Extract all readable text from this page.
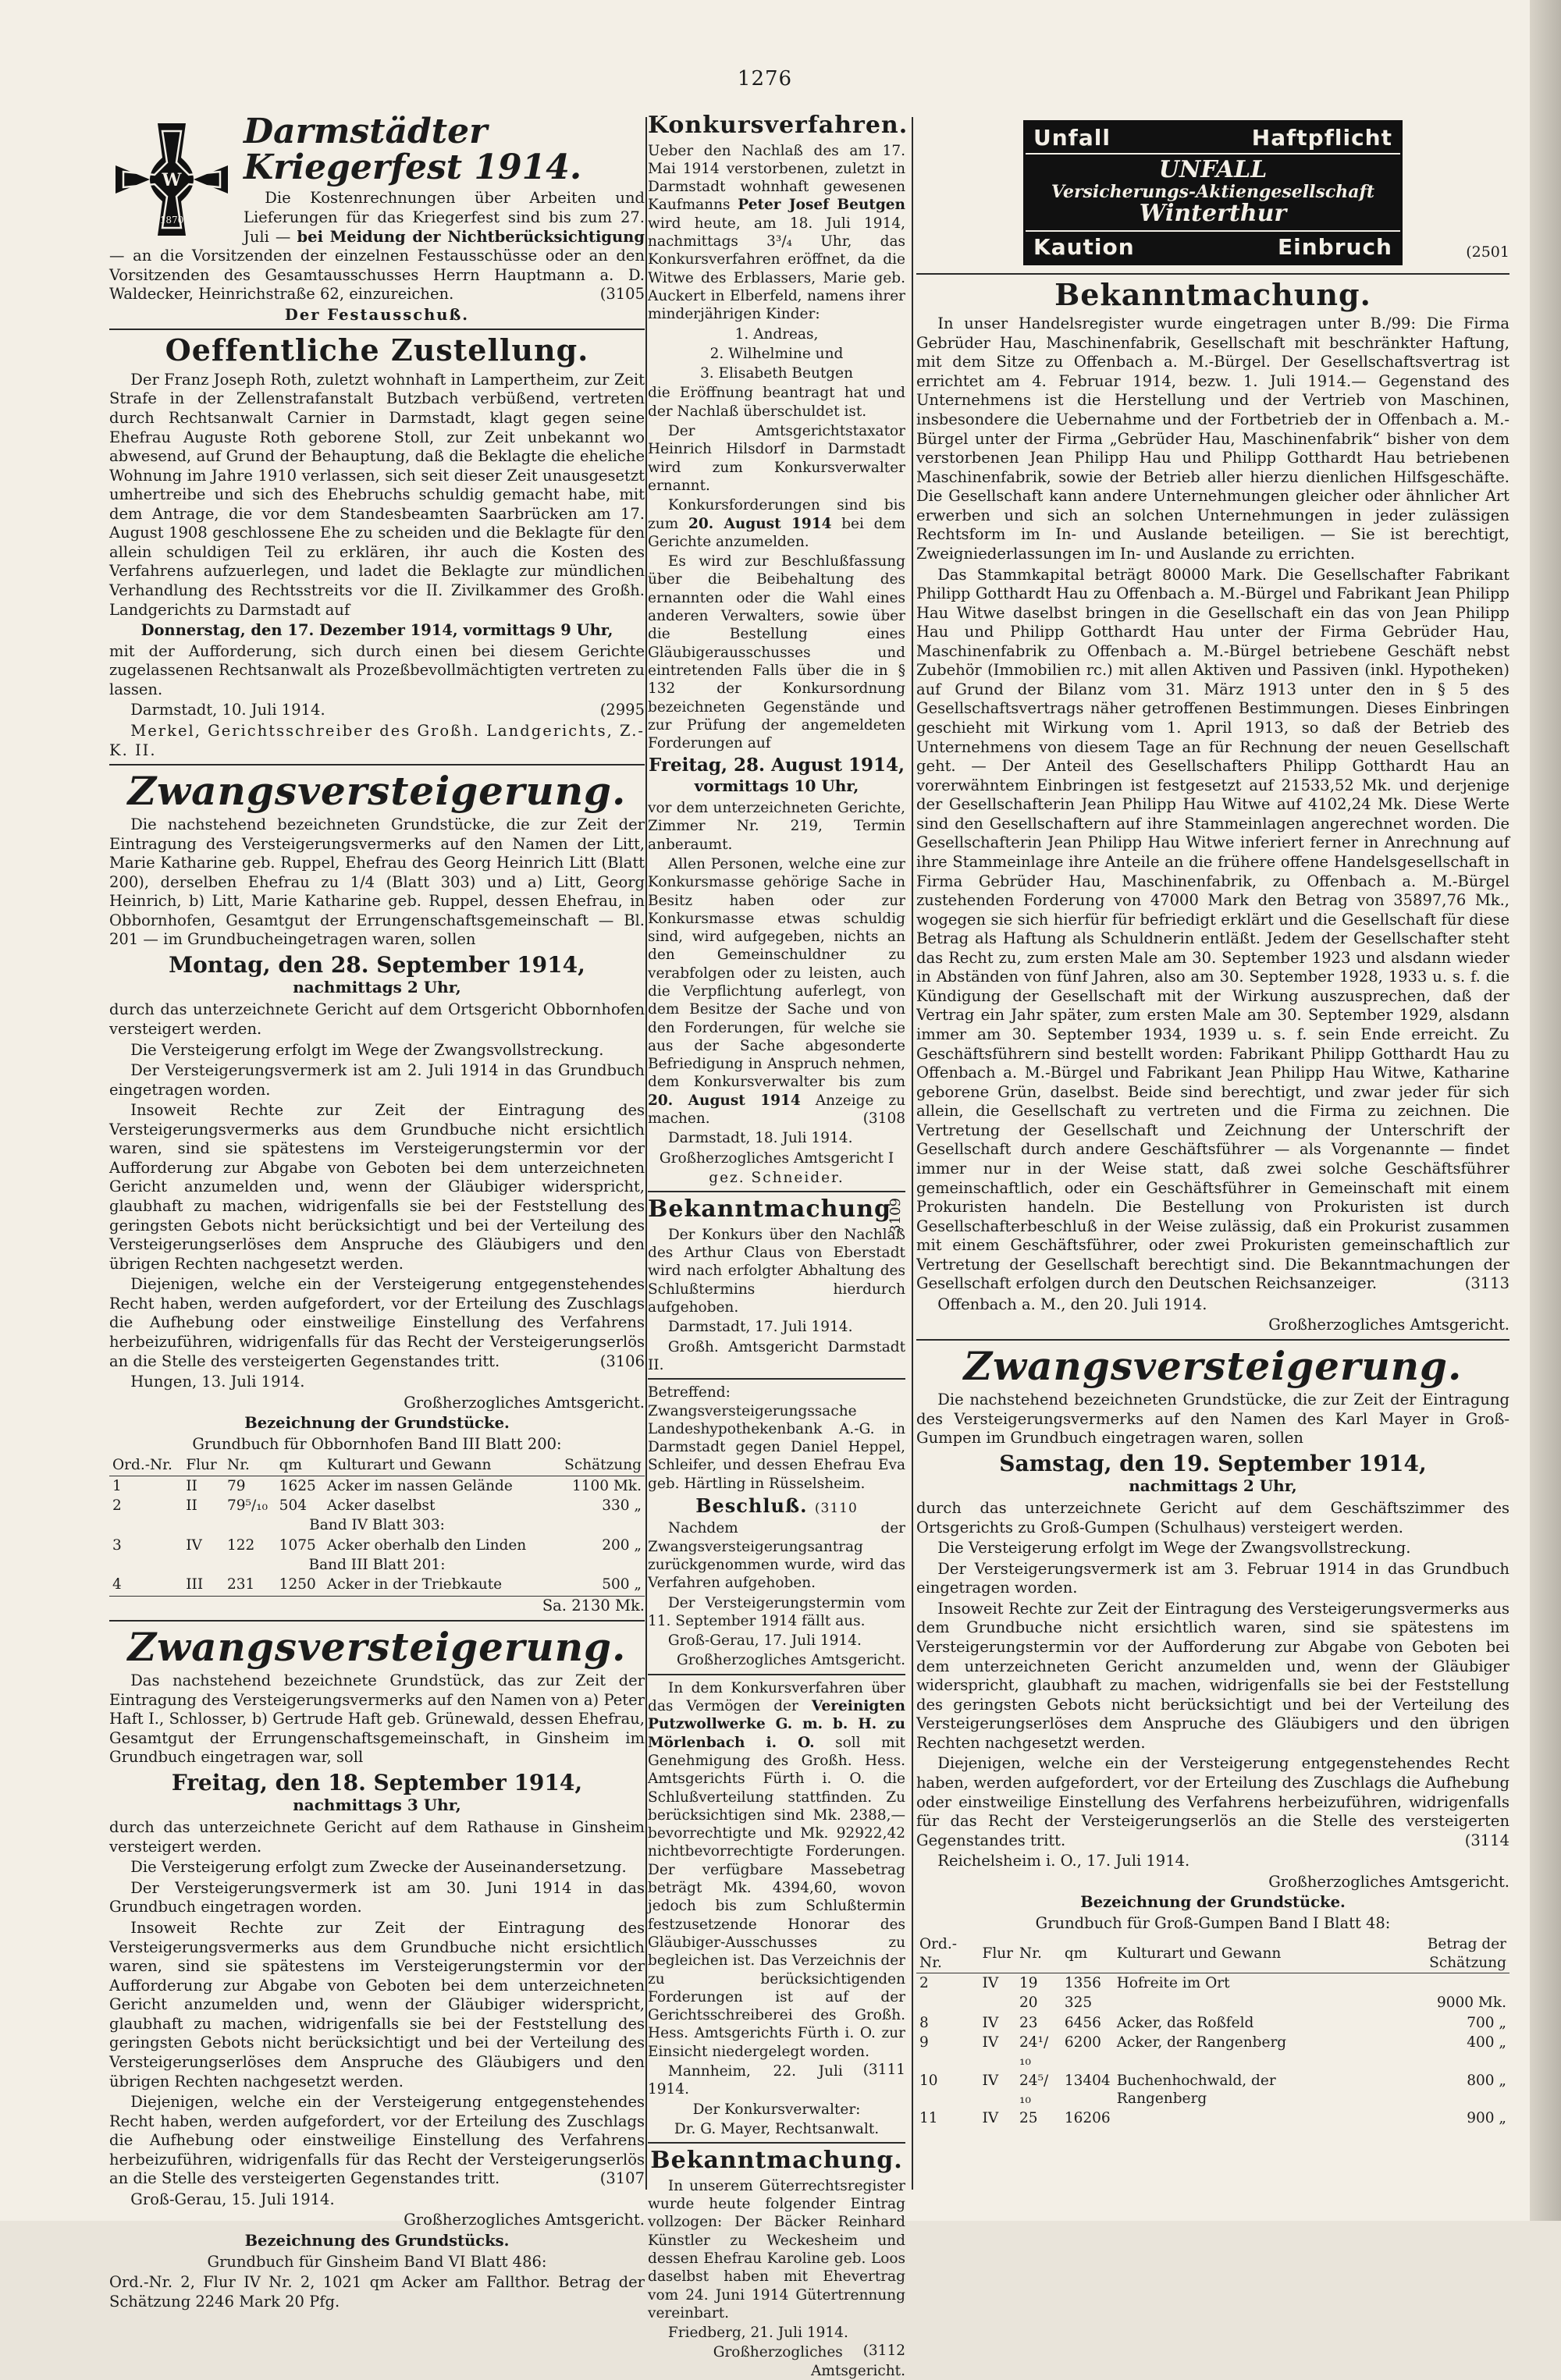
1276
W
1870

Darmstädter Kriegerfest 1914.

Die Kostenrechnungen über Arbeiten und Lieferungen für das Kriegerfest sind bis zum 27. Juli — bei Meidung der Nichtberücksichtigung — an die Vorsitzenden der einzelnen Festausschüsse oder an den Vorsitzenden des Gesamtausschusses Herrn Hauptmann a. D. Waldecker, Heinrichstraße 62, einzureichen.	(3105

Der Festausschuß.

Oeffentliche Zustellung.

Der Franz Joseph Roth, zuletzt wohnhaft in Lampertheim, zur Zeit Strafe in der Zellenstrafanstalt Butzbach verbüßend, vertreten durch Rechtsanwalt Carnier in Darmstadt, klagt gegen seine Ehefrau Auguste Roth geborene Stoll, zur Zeit unbekannt wo abwesend, auf Grund der Behauptung, daß die Beklagte die eheliche Wohnung im Jahre 1910 verlassen, sich seit dieser Zeit unausgesetzt umhertreibe und sich des Ehebruchs schuldig gemacht habe, mit dem Antrage, die vor dem Standesbeamten Saarbrücken am 17. August 1908 geschlossene Ehe zu scheiden und die Beklagte für den allein schuldigen Teil zu erklären, ihr auch die Kosten des Verfahrens aufzuerlegen, und ladet die Beklagte zur mündlichen Verhandlung des Rechtsstreits vor die II. Zivilkammer des Großh. Landgerichts zu Darmstadt auf

Donnerstag, den 17. Dezember 1914, vormittags 9 Uhr,

mit der Aufforderung, sich durch einen bei diesem Gerichte zugelassenen Rechtsanwalt als Prozeßbevollmächtigten vertreten zu lassen.

Darmstadt, 10. Juli 1914.	(2995

Merkel, Gerichtsschreiber des Großh. Landgerichts, Z.-K. II.

Zwangsversteigerung.

Die nachstehend bezeichneten Grundstücke, die zur Zeit der Eintragung des Versteigerungsvermerks auf den Namen der Litt, Marie Katharine geb. Ruppel, Ehefrau des Georg Heinrich Litt (Blatt 200), derselben Ehefrau zu 1/4 (Blatt 303) und a) Litt, Georg Heinrich, b) Litt, Marie Katharine geb. Ruppel, dessen Ehefrau, in Obbornhofen, Gesamtgut der Errungenschaftsgemeinschaft — Bl. 201 — im Grundbucheingetragen waren, sollen

Montag, den 28. September 1914,
nachmittags 2 Uhr,

durch das unterzeichnete Gericht auf dem Ortsgericht Obbornhofen versteigert werden.

Die Versteigerung erfolgt im Wege der Zwangsvollstreckung.

Der Versteigerungsvermerk ist am 2. Juli 1914 in das Grundbuch eingetragen worden.

Insoweit Rechte zur Zeit der Eintragung des Versteigerungsvermerks aus dem Grundbuche nicht ersichtlich waren, sind sie spätestens im Versteigerungstermin vor der Aufforderung zur Abgabe von Geboten bei dem unterzeichneten Gericht anzumelden und, wenn der Gläubiger widerspricht, glaubhaft zu machen, widrigenfalls sie bei der Feststellung des geringsten Gebots nicht berücksichtigt und bei der Verteilung des Versteigerungserlöses dem Anspruche des Gläubigers und den übrigen Rechten nachgesetzt werden.

Diejenigen, welche ein der Versteigerung entgegenstehendes Recht haben, werden aufgefordert, vor der Erteilung des Zuschlags die Aufhebung oder einstweilige Einstellung des Verfahrens herbeizuführen, widrigenfalls für das Recht der Versteigerungserlös an die Stelle des versteigerten Gegenstandes tritt.	(3106

Hungen, 13. Juli 1914.

Großherzogliches Amtsgericht.

Bezeichnung der Grundstücke.

Grundbuch für Obbornhofen Band III Blatt 200:

Ord.-Nr.	Flur	Nr.	qm	Kulturart und Gewann	Schätzung
1	II	79	1625	Acker im nassen Gelände	1100 Mk.
2	II	79⁵/₁₀	504	Acker daselbst	330 „
Band IV Blatt 303:					
3	IV	122	1075	Acker oberhalb den Linden	200 „
Band III Blatt 201:					
4	III	231	1250	Acker in der Triebkaute	500 „
Sa. 2130 Mk.
Zwangsversteigerung.

Das nachstehend bezeichnete Grundstück, das zur Zeit der Eintragung des Versteigerungsvermerks auf den Namen von a) Peter Haft I., Schlosser, b) Gertrude Haft geb. Grünewald, dessen Ehefrau, Gesamtgut der Errungenschaftsgemeinschaft, in Ginsheim im Grundbuch eingetragen war, soll

Freitag, den 18. September 1914,
nachmittags 3 Uhr,

durch das unterzeichnete Gericht auf dem Rathause in Ginsheim versteigert werden.

Die Versteigerung erfolgt zum Zwecke der Auseinandersetzung.

Der Versteigerungsvermerk ist am 30. Juni 1914 in das Grundbuch eingetragen worden.

Insoweit Rechte zur Zeit der Eintragung des Versteigerungsvermerks aus dem Grundbuche nicht ersichtlich waren, sind sie spätestens im Versteigerungstermin vor der Aufforderung zur Abgabe von Geboten bei dem unterzeichneten Gericht anzumelden und, wenn der Gläubiger widerspricht, glaubhaft zu machen, widrigenfalls sie bei der Feststellung des geringsten Gebots nicht berücksichtigt und bei der Verteilung des Versteigerungserlöses dem Anspruche des Gläubigers und den übrigen Rechten nachgesetzt werden.

Diejenigen, welche ein der Versteigerung entgegenstehendes Recht haben, werden aufgefordert, vor der Erteilung des Zuschlags die Aufhebung oder einstweilige Einstellung des Verfahrens herbeizuführen, widrigenfalls für das Recht der Versteigerungserlös an die Stelle des versteigerten Gegenstandes tritt.	(3107

Groß-Gerau, 15. Juli 1914.

Großherzogliches Amtsgericht.

Bezeichnung des Grundstücks.

Grundbuch für Ginsheim Band VI Blatt 486:

Ord.-Nr. 2, Flur IV Nr. 2, 1021 qm Acker am Fallthor. Betrag der Schätzung 2246 Mark 20 Pfg.

Konkursverfahren.

Ueber den Nachlaß des am 17. Mai 1914 verstorbenen, zuletzt in Darmstadt wohnhaft gewesenen Kaufmanns Peter Josef Beutgen wird heute, am 18. Juli 1914, nachmittags 3³/₄ Uhr, das Konkursverfahren eröffnet, da die Witwe des Erblassers, Marie geb. Auckert in Elberfeld, namens ihrer minderjährigen Kinder:

1. Andreas,

2. Wilhelmine und

3. Elisabeth Beutgen

die Eröffnung beantragt hat und der Nachlaß überschuldet ist.

Der Amtsgerichtstaxator Heinrich Hilsdorf in Darmstadt wird zum Konkursverwalter ernannt.

Konkursforderungen sind bis zum 20. August 1914 bei dem Gerichte anzumelden.

Es wird zur Beschlußfassung über die Beibehaltung des ernannten oder die Wahl eines anderen Verwalters, sowie über die Bestellung eines Gläubigerausschusses und eintretenden Falls über die in § 132 der Konkursordnung bezeichneten Gegenstände und zur Prüfung der angemeldeten Forderungen auf

Freitag, 28. August 1914,
vormittags 10 Uhr,

vor dem unterzeichneten Gerichte, Zimmer Nr. 219, Termin anberaumt.

Allen Personen, welche eine zur Konkursmasse gehörige Sache in Besitz haben oder zur Konkursmasse etwas schuldig sind, wird aufgegeben, nichts an den Gemeinschuldner zu verabfolgen oder zu leisten, auch die Verpflichtung auferlegt, von dem Besitze der Sache und von den Forderungen, für welche sie aus der Sache abgesonderte Befriedigung in Anspruch nehmen, dem Konkursverwalter bis zum 20. August 1914 Anzeige zu machen.	(3108

Darmstadt, 18. Juli 1914.

Großherzogliches Amtsgericht I

gez. Schneider.

Bekanntmachung
3109

Der Konkurs über den Nachlaß des Arthur Claus von Eberstadt wird nach erfolgter Abhaltung des Schlußtermins hierdurch aufgehoben.

Darmstadt, 17. Juli 1914.

Großh. Amtsgericht Darmstadt II.

Betreffend: Zwangsversteigerungssache Landeshypothekenbank A.-G. in Darmstadt gegen Daniel Heppel, Schleifer, und dessen Ehefrau Eva geb. Härtling in Rüsselsheim.

Beschluß. (3110

Nachdem der Zwangsversteigerungsantrag zurückgenommen wurde, wird das Verfahren aufgehoben.

Der Versteigerungstermin vom 11. September 1914 fällt aus.

Groß-Gerau, 17. Juli 1914.

Großherzogliches Amtsgericht.

In dem Konkursverfahren über das Vermögen der Vereinigten Putzwollwerke G. m. b. H. zu Mörlenbach i. O. soll mit Genehmigung des Großh. Hess. Amtsgerichts Fürth i. O. die Schlußverteilung stattfinden. Zu berücksichtigen sind Mk. 2388,— bevorrechtigte und Mk. 92922,42 nichtbevorrechtigte Forderungen. Der verfügbare Massebetrag beträgt Mk. 4394,60, wovon jedoch bis zum Schlußtermin festzusetzende Honorar des Gläubiger-Ausschusses zu begleichen ist. Das Verzeichnis der zu berücksichtigenden Forderungen ist auf der Gerichtsschreiberei des Großh. Hess. Amtsgerichts Fürth i. O. zur Einsicht niedergelegt worden.
(3111

Mannheim, 22. Juli 1914.

Der Konkursverwalter:

Dr. G. Mayer, Rechtsanwalt.

Bekanntmachung.

In unserem Güterrechtsregister wurde heute folgender Eintrag vollzogen: Der Bäcker Reinhard Künstler zu Weckesheim und dessen Ehefrau Karoline geb. Loos daselbst haben mit Ehevertrag vom 24. Juni 1914 Gütertrennung vereinbart.

Friedberg, 21. Juli 1914.
(3112

Großherzogliches Amtsgericht.

Unfall	Haftpflicht
UNFALL
Versicherungs-Aktiengesellschaft
Winterthur
Kaution	Einbruch	(2501
Bekanntmachung.

In unser Handelsregister wurde eingetragen unter B./99: Die Firma Gebrüder Hau, Maschinenfabrik, Gesellschaft mit beschränkter Haftung, mit dem Sitze zu Offenbach a. M.-Bürgel. Der Gesellschaftsvertrag ist errichtet am 4. Februar 1914, bezw. 1. Juli 1914.— Gegenstand des Unternehmens ist die Herstellung und der Vertrieb von Maschinen, insbesondere die Uebernahme und der Fortbetrieb der in Offenbach a. M.-Bürgel unter der Firma „Gebrüder Hau, Maschinenfabrik“ bisher von dem verstorbenen Jean Philipp Hau und Philipp Gotthardt Hau betriebenen Maschinenfabrik, sowie der Betrieb aller hierzu dienlichen Hilfsgeschäfte. Die Gesellschaft kann andere Unternehmungen gleicher oder ähnlicher Art erwerben und sich an solchen Unternehmungen in jeder zulässigen Rechtsform im In- und Auslande beteiligen. — Sie ist berechtigt, Zweigniederlassungen im In- und Auslande zu errichten.

Das Stammkapital beträgt 80000 Mark. Die Gesellschafter Fabrikant Philipp Gotthardt Hau zu Offenbach a. M.-Bürgel und Fabrikant Jean Philipp Hau Witwe daselbst bringen in die Gesellschaft ein das von Jean Philipp Hau und Philipp Gotthardt Hau unter der Firma Gebrüder Hau, Maschinenfabrik zu Offenbach a. M.-Bürgel betriebene Geschäft nebst Zubehör (Immobilien rc.) mit allen Aktiven und Passiven (inkl. Hypotheken) auf Grund der Bilanz vom 31. März 1913 unter den in § 5 des Gesellschaftsvertrags näher getroffenen Bestimmungen. Dieses Einbringen geschieht mit Wirkung vom 1. April 1913, so daß der Betrieb des Unternehmens von diesem Tage an für Rechnung der neuen Gesellschaft geht. — Der Anteil des Gesellschafters Philipp Gotthardt Hau an vorerwähntem Einbringen ist festgesetzt auf 21533,52 Mk. und derjenige der Gesellschafterin Jean Philipp Hau Witwe auf 4102,24 Mk. Diese Werte sind den Gesellschaftern auf ihre Stammeinlagen angerechnet worden. Die Gesellschafterin Jean Philipp Hau Witwe inferiert ferner in Anrechnung auf ihre Stammeinlage ihre Anteile an die frühere offene Handelsgesellschaft in Firma Gebrüder Hau, Maschinenfabrik, zu Offenbach a. M.-Bürgel zustehenden Forderung von 47000 Mark den Betrag von 35897,76 Mk., wogegen sie sich hierfür für befriedigt erklärt und die Gesellschaft für diese Betrag als Haftung als Schuldnerin entläßt. Jedem der Gesellschafter steht das Recht zu, zum ersten Male am 30. September 1923 und alsdann wieder in Abständen von fünf Jahren, also am 30. September 1928, 1933 u. s. f. die Kündigung der Gesellschaft mit der Wirkung auszusprechen, daß der Vertrag ein Jahr später, zum ersten Male am 30. September 1929, alsdann immer am 30. September 1934, 1939 u. s. f. sein Ende erreicht. Zu Geschäftsführern sind bestellt worden: Fabrikant Philipp Gotthardt Hau zu Offenbach a. M.-Bürgel und Fabrikant Jean Philipp Hau Witwe, Katharine geborene Grün, daselbst. Beide sind berechtigt, und zwar jeder für sich allein, die Gesellschaft zu vertreten und die Firma zu zeichnen. Die Vertretung der Gesellschaft und Zeichnung der Unterschrift der Gesellschaft durch andere Geschäftsführer — als Vorgenannte — findet immer nur in der Weise statt, daß zwei solche Geschäftsführer gemeinschaftlich, oder ein Geschäftsführer in Gemeinschaft mit einem Prokuristen handeln. Die Bestellung von Prokuristen ist durch Gesellschafterbeschluß in der Weise zulässig, daß ein Prokurist zusammen mit einem Geschäftsführer, oder zwei Prokuristen gemeinschaftlich zur Vertretung der Gesellschaft berechtigt sind. Die Bekanntmachungen der Gesellschaft erfolgen durch den Deutschen Reichsanzeiger.	(3113

Offenbach a. M., den 20. Juli 1914.

Großherzogliches Amtsgericht.

Zwangsversteigerung.

Die nachstehend bezeichneten Grundstücke, die zur Zeit der Eintragung des Versteigerungsvermerks auf den Namen des Karl Mayer in Groß-Gumpen im Grundbuch eingetragen waren, sollen

Samstag, den 19. September 1914,
nachmittags 2 Uhr,

durch das unterzeichnete Gericht auf dem Geschäftszimmer des Ortsgerichts zu Groß-Gumpen (Schulhaus) versteigert werden.

Die Versteigerung erfolgt im Wege der Zwangsvollstreckung.

Der Versteigerungsvermerk ist am 3. Februar 1914 in das Grundbuch eingetragen worden.

Insoweit Rechte zur Zeit der Eintragung des Versteigerungsvermerks aus dem Grundbuche nicht ersichtlich waren, sind sie spätestens im Versteigerungstermin vor der Aufforderung zur Abgabe von Geboten bei dem unterzeichneten Gericht anzumelden und, wenn der Gläubiger widerspricht, glaubhaft zu machen, widrigenfalls sie bei der Feststellung des geringsten Gebots nicht berücksichtigt und bei der Verteilung des Versteigerungserlöses dem Anspruche des Gläubigers und den übrigen Rechten nachgesetzt werden.

Diejenigen, welche ein der Versteigerung entgegenstehendes Recht haben, werden aufgefordert, vor der Erteilung des Zuschlags die Aufhebung oder einstweilige Einstellung des Verfahrens herbeizuführen, widrigenfalls für das Recht der Versteigerungserlös an die Stelle des versteigerten Gegenstandes tritt.	(3114

Reichelsheim i. O., 17. Juli 1914.

Großherzogliches Amtsgericht.

Bezeichnung der Grundstücke.

Grundbuch für Groß-Gumpen Band I Blatt 48:

Ord.-Nr.	Flur	Nr.	qm	Kulturart und Gewann	Betrag der Schätzung
2	IV	19	1356	Hofreite im Ort	
		20	325		9000 Mk.
8	IV	23	6456	Acker, das Roßfeld	700 „
9	IV	24¹/₁₀	6200	Acker, der Rangenberg	400 „
10	IV	24⁵/₁₀	13404	Buchenhochwald, der Rangenberg	800 „
11	IV	25	16206		900 „
